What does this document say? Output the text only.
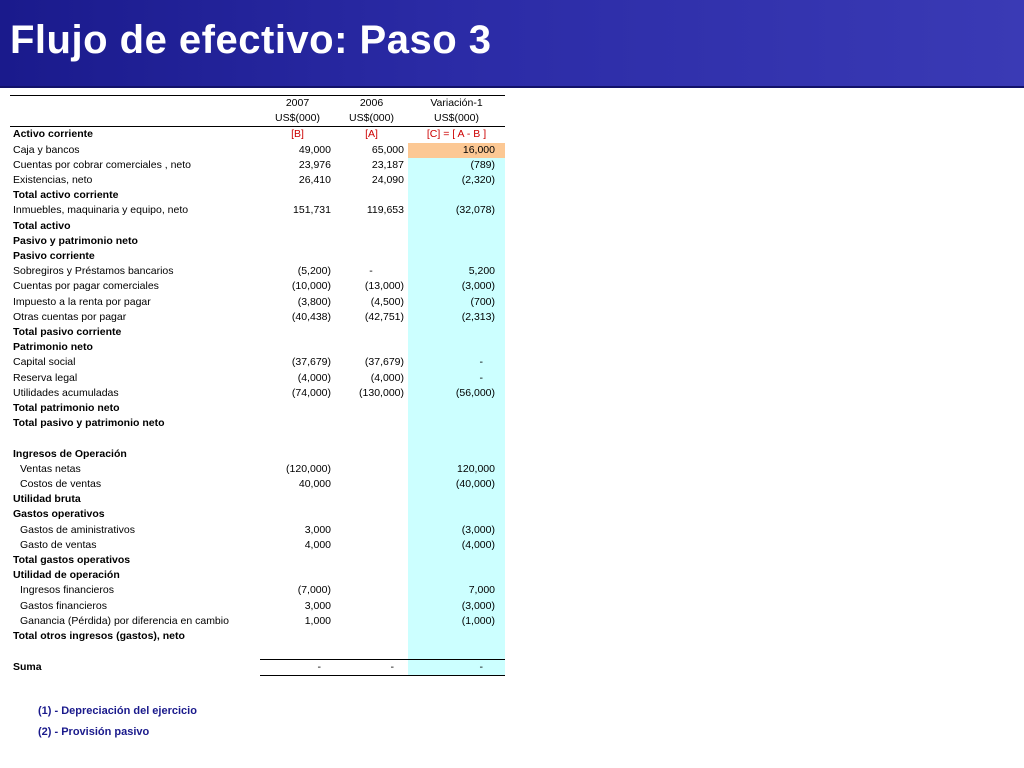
Flujo de efectivo: Paso 3
	2007	2006	Variación-1
	US$(000)	US$(000)	US$(000)
Activo corriente	[B]	[A]	[C] = [ A - B ]
Caja y bancos	49,000	65,000	16,000
Cuentas por cobrar comerciales , neto	23,976	23,187	(789)
Existencias, neto	26,410	24,090	(2,320)
Total activo corriente			
Inmuebles, maquinaria y equipo, neto	151,731	119,653	(32,078)
Total activo			
Pasivo y patrimonio neto			
Pasivo corriente			
Sobregiros y Préstamos bancarios	(5,200)	-	5,200
Cuentas por pagar comerciales	(10,000)	(13,000)	(3,000)
Impuesto a la renta por pagar	(3,800)	(4,500)	(700)
Otras cuentas por pagar	(40,438)	(42,751)	(2,313)
Total pasivo corriente			
Patrimonio neto			
Capital social	(37,679)	(37,679)	-
Reserva legal	(4,000)	(4,000)	-
Utilidades acumuladas	(74,000)	(130,000)	(56,000)
Total patrimonio neto			
Total pasivo y patrimonio neto			

Ingresos de Operación			
Ventas netas	(120,000)		120,000
Costos de ventas	40,000		(40,000)
Utilidad bruta			
Gastos operativos			
Gastos de aministrativos	3,000		(3,000)
Gasto de ventas	4,000		(4,000)
Total gastos operativos			
Utilidad de operación			
Ingresos financieros	(7,000)		7,000
Gastos financieros	3,000		(3,000)
Ganancia (Pérdida) por diferencia en cambio	1,000		(1,000)
Total otros ingresos (gastos), neto			

Suma	-	-	-
(1) - Depreciación del ejercicio
(2) - Provisión pasivo
